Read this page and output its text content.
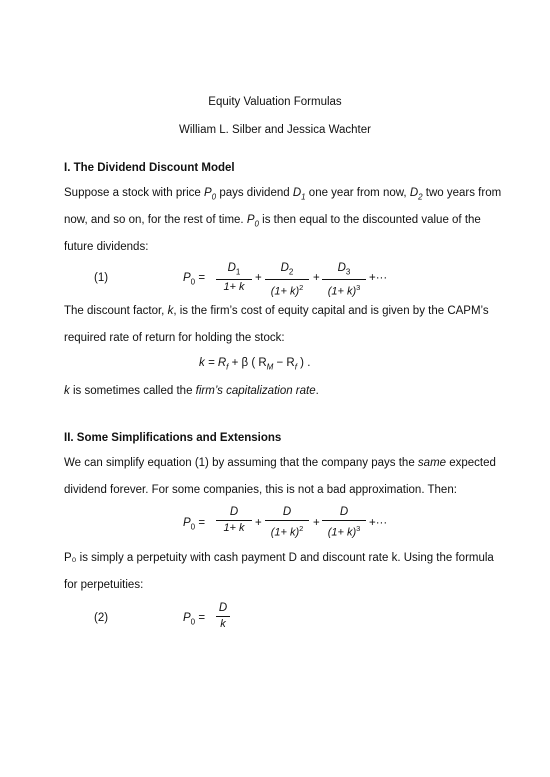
Equity Valuation Formulas
William L. Silber and Jessica Wachter
I. The Dividend Discount Model
Suppose a stock with price $P_0$ pays dividend $D_1$ one year from now, $D_2$ two years from
now, and so on, for the rest of time. $P_0$ is then equal to the discounted value of the
future dividends:
(1)	$P_0$ =
$D_1$
1+ k
+
$D_2$
$(1+ k)^2$
+
$D_3$
$(1+ k)^3$
+···
The discount factor, k, is the firm’s cost of equity capital and is given by the CAPM’s
required rate of return for holding the stock:
$k = R_f + \beta$ ( $R_M - R_f$ ) .
k is sometimes called the firm’s capitalization rate.
II. Some Simplifications and Extensions
We can simplify equation (1) by assuming that the company pays the same expected
dividend forever. For some companies, this is not a bad approximation. Then:
$P_0$ =
D
1+ k +
D
$(1+ k)^2$ +
D
$(1+ k)^3$ +···
P₀ is simply a perpetuity with cash payment D and discount rate k. Using the formula
for perpetuities:
(2)	$P_0$ =
D
k
